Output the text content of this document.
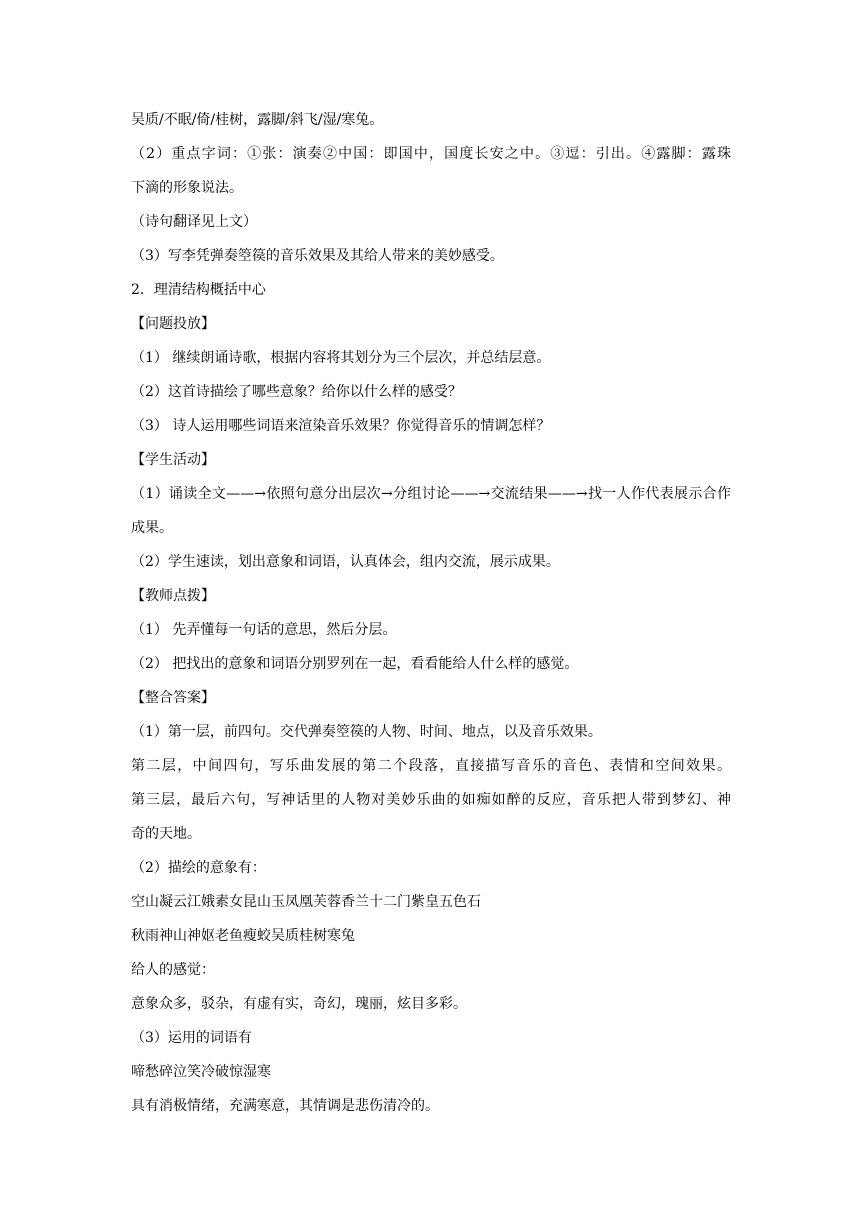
吴质/不眠/倚/桂树，露脚/斜飞/湿/寒兔。
（2）重点字词：①张：演奏②中国：即国中，国度长安之中。③逗：引出。④露脚：露珠
下滴的形象说法。
（诗句翻译见上文）
（3）写李凭弹奏箜篌的音乐效果及其给人带来的美妙感受。
2．理清结构概括中心
【问题投放】
（1） 继续朗诵诗歌，根据内容将其划分为三个层次，并总结层意。
（2）这首诗描绘了哪些意象？给你以什么样的感受？
（3） 诗人运用哪些词语来渲染音乐效果？你觉得音乐的情调怎样？
【学生活动】
（1）诵读全文——→依照句意分出层次→分组讨论——→交流结果——→找一人作代表展示合作
成果。
（2）学生速读，划出意象和词语，认真体会，组内交流，展示成果。
【教师点拨】
（1） 先弄懂每一句话的意思，然后分层。
（2） 把找出的意象和词语分别罗列在一起，看看能给人什么样的感觉。
【整合答案】
（1）第一层，前四句。交代弹奏箜篌的人物、时间、地点，以及音乐效果。
第二层，中间四句，写乐曲发展的第二个段落，直接描写音乐的音色、表情和空间效果。
第三层，最后六句，写神话里的人物对美妙乐曲的如痴如醉的反应，音乐把人带到梦幻、神
奇的天地。
（2）描绘的意象有：
空山凝云江娥素女昆山玉凤凰芙蓉香兰十二门紫皇五色石
秋雨神山神妪老鱼瘦蛟吴质桂树寒兔
给人的感觉：
意象众多，驳杂，有虚有实，奇幻，瑰丽，炫目多彩。
（3）运用的词语有
啼愁碎泣笑冷破惊湿寒
具有消极情绪，充满寒意，其情调是悲伤清冷的。
